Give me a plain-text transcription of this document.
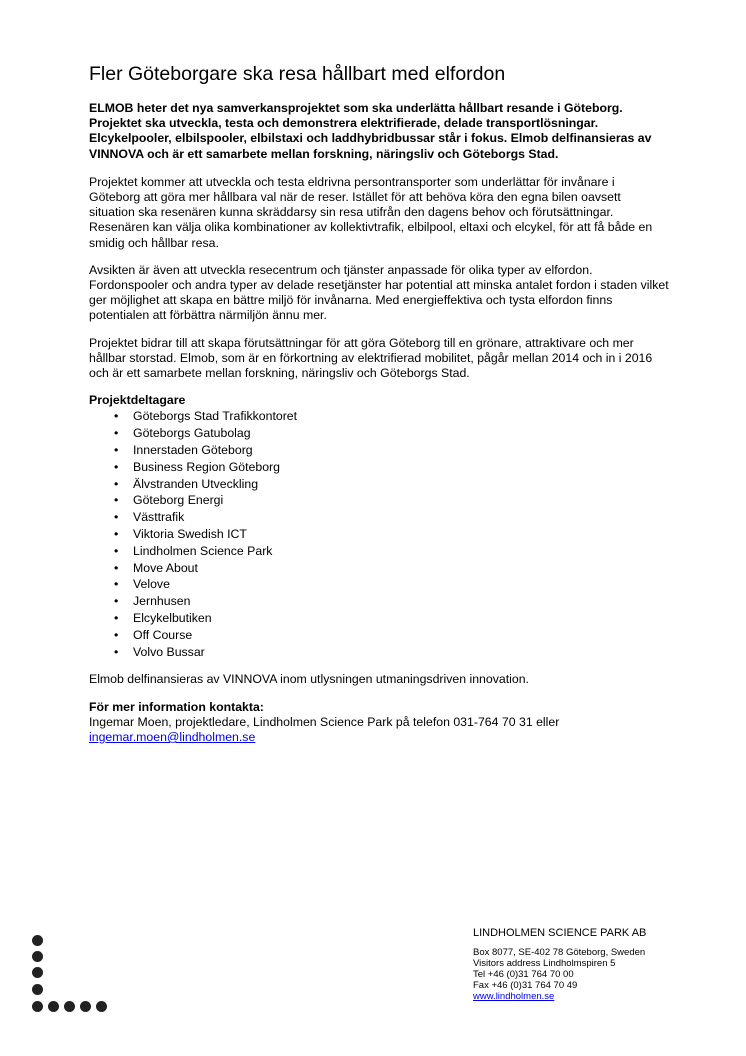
Fler Göteborgare ska resa hållbart med elfordon

ELMOB heter det nya samverkansprojektet som ska underlätta hållbart resande i Göteborg. Projektet ska utveckla, testa och demonstrera elektrifierade, delade transportlösningar. Elcykelpooler, elbilspooler, elbilstaxi och laddhybridbussar står i fokus. Elmob delfinansieras av VINNOVA och är ett samarbete mellan forskning, näringsliv och Göteborgs Stad.

Projektet kommer att utveckla och testa eldrivna persontransporter som underlättar för invånare i Göteborg att göra mer hållbara val när de reser. Istället för att behöva köra den egna bilen oavsett situation ska resenären kunna skräddarsy sin resa utifrån den dagens behov och förutsättningar. Resenären kan välja olika kombinationer av kollektivtrafik, elbilpool, eltaxi och elcykel, för att få både en smidig och hållbar resa.

Avsikten är även att utveckla resecentrum och tjänster anpassade för olika typer av elfordon. Fordonspooler och andra typer av delade resetjänster har potential att minska antalet fordon i staden vilket ger möjlighet att skapa en bättre miljö för invånarna. Med energieffektiva och tysta elfordon finns potentialen att förbättra närmiljön ännu mer.

Projektet bidrar till att skapa förutsättningar för att göra Göteborg till en grönare, attraktivare och mer hållbar storstad. Elmob, som är en förkortning av elektrifierad mobilitet, pågår mellan 2014 och in i 2016 och är ett samarbete mellan forskning, näringsliv och Göteborgs Stad.

Projektdeltagare
• Göteborgs Stad Trafikkontoret
• Göteborgs Gatubolag
• Innerstaden Göteborg
• Business Region Göteborg
• Älvstranden Utveckling
• Göteborg Energi
• Västtrafik
• Viktoria Swedish ICT
• Lindholmen Science Park
• Move About
• Velove
• Jernhusen
• Elcykelbutiken
• Off Course
• Volvo Bussar

Elmob delfinansieras av VINNOVA inom utlysningen utmaningsdriven innovation.

För mer information kontakta:

Ingemar Moen, projektledare, Lindholmen Science Park på telefon 031-764 70 31 eller
ingemar.moen@lindholmen.se

LINDHOLMEN SCIENCE PARK AB
Box 8077, SE-402 78 Göteborg, Sweden
Visitors address Lindholmspiren 5
Tel +46 (0)31 764 70 00
Fax +46 (0)31 764 70 49
www.lindholmen.se
